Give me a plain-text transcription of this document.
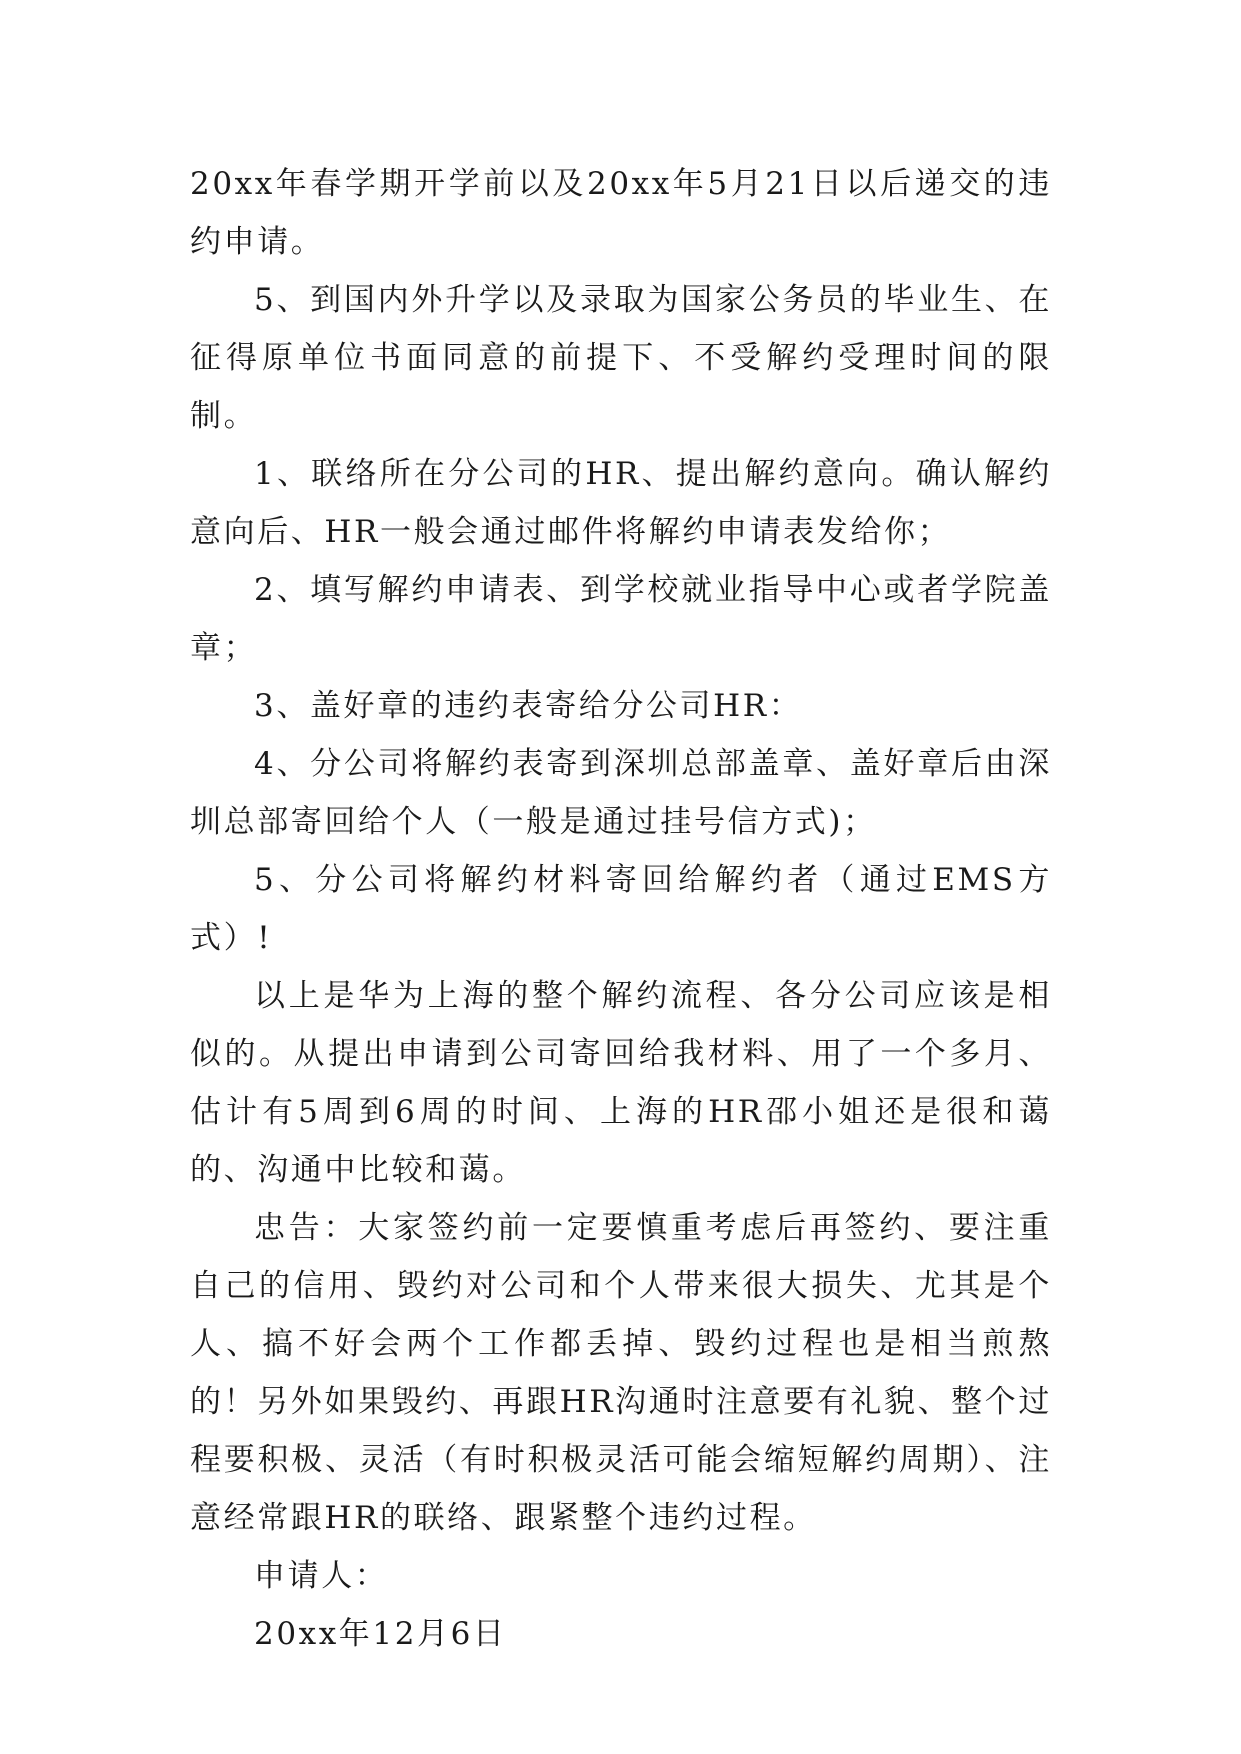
20xx年春学期开学前以及20xx年5月21日以后递交的违约申请。

5、到国内外升学以及录取为国家公务员的毕业生、在征得原单位书面同意的前提下、不受解约受理时间的限制。

1、联络所在分公司的HR、提出解约意向。确认解约意向后、HR一般会通过邮件将解约申请表发给你；

2、填写解约申请表、到学校就业指导中心或者学院盖章；

3、盖好章的违约表寄给分公司HR：

4、分公司将解约表寄到深圳总部盖章、盖好章后由深圳总部寄回给个人（一般是通过挂号信方式)；

5、分公司将解约材料寄回给解约者（通过EMS方式）!

以上是华为上海的整个解约流程、各分公司应该是相似的。从提出申请到公司寄回给我材料、用了一个多月、估计有5周到6周的时间、上海的HR邵小姐还是很和蔼的、沟通中比较和蔼。

忠告：大家签约前一定要慎重考虑后再签约、要注重自己的信用、毁约对公司和个人带来很大损失、尤其是个人、搞不好会两个工作都丢掉、毁约过程也是相当煎熬的！另外如果毁约、再跟HR沟通时注意要有礼貌、整个过程要积极、灵活（有时积极灵活可能会缩短解约周期）、注意经常跟HR的联络、跟紧整个违约过程。

申请人：

20xx年12月6日
